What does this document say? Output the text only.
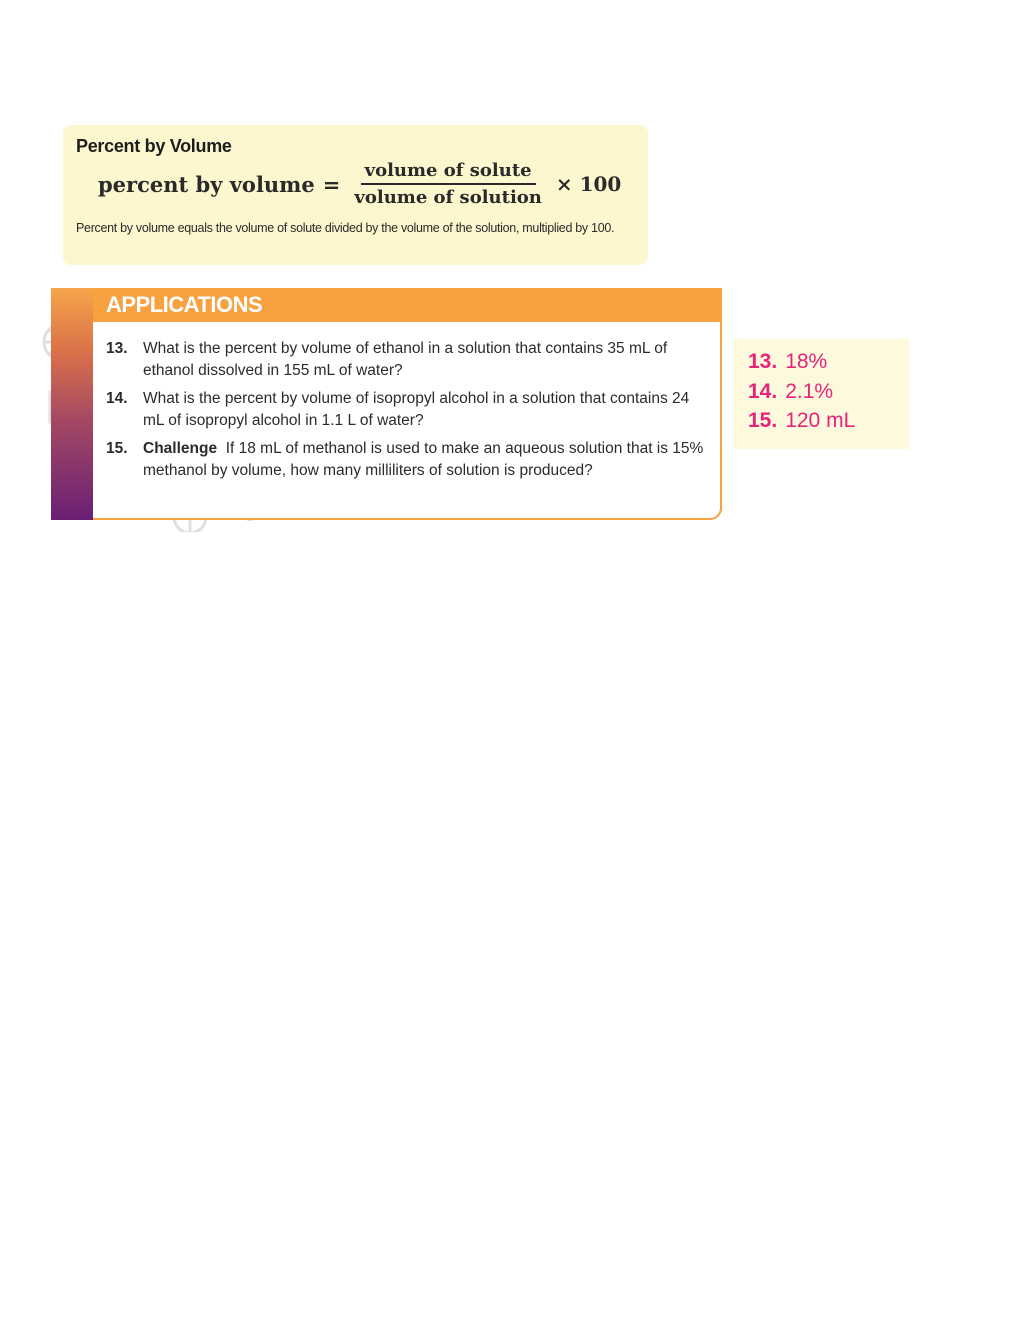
Percent by Volume
percent by volume = $\frac{\text{volume of solute}}{\text{volume of solution}} \times 100$
Percent by volume equals the volume of solute divided by the volume of the solution, multiplied by 100.
APPLICATIONS
13. What is the percent by volume of ethanol in a solution that contains 35 mL of ethanol dissolved in 155 mL of water?
14. What is the percent by volume of isopropyl alcohol in a solution that contains 24 mL of isopropyl alcohol in 1.1 L of water?
15. Challenge If 18 mL of methanol is used to make an aqueous solution that is 15% methanol by volume, how many milliliters of solution is produced?
13. 18%
14. 2.1%
15. 120 mL
